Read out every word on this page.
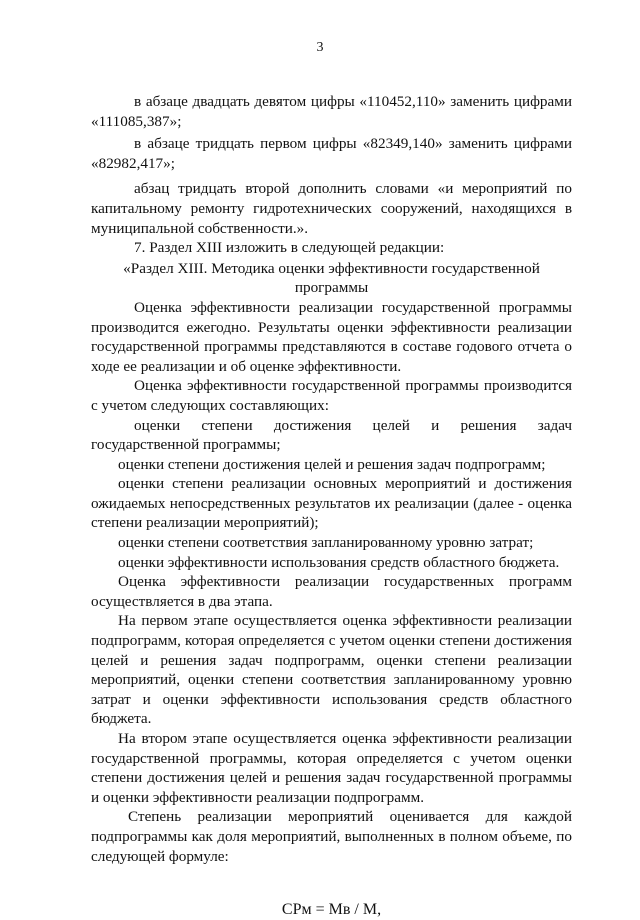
3

в абзаце двадцать девятом цифры «110452,110» заменить цифрами «111085,387»;

в абзаце тридцать первом цифры «82349,140» заменить цифрами «82982,417»;

абзац тридцать второй дополнить словами «и мероприятий по капитальному ремонту гидротехнических сооружений, находящихся в муниципальной собственности.».

7. Раздел XIII изложить в следующей редакции:

«Раздел XIII. Методика оценки эффективности государственной программы

Оценка эффективности реализации государственной программы производится ежегодно. Результаты оценки эффективности реализации государственной программы представляются в составе годового отчета о ходе ее реализации и об оценке эффективности.

Оценка эффективности государственной программы производится с учетом следующих составляющих:

оценки степени достижения целей и решения задач государственной программы;

оценки степени достижения целей и решения задач подпрограмм;

оценки степени реализации основных мероприятий и достижения ожидаемых непосредственных результатов их реализации (далее - оценка степени реализации мероприятий);

оценки степени соответствия запланированному уровню затрат;

оценки эффективности использования средств областного бюджета.

Оценка эффективности реализации государственных программ осуществляется в два этапа.

На первом этапе осуществляется оценка эффективности реализации подпрограмм, которая определяется с учетом оценки степени достижения целей и решения задач подпрограмм, оценки степени реализации мероприятий, оценки степени соответствия запланированному уровню затрат и оценки эффективности использования средств областного бюджета.

На втором этапе осуществляется оценка эффективности реализации государственной программы, которая определяется с учетом оценки степени достижения целей и решения задач государственной программы и оценки эффективности реализации подпрограмм.

Степень реализации мероприятий оценивается для каждой подпрограммы как доля мероприятий, выполненных в полном объеме, по следующей формуле:

СРм = Мв / М,
